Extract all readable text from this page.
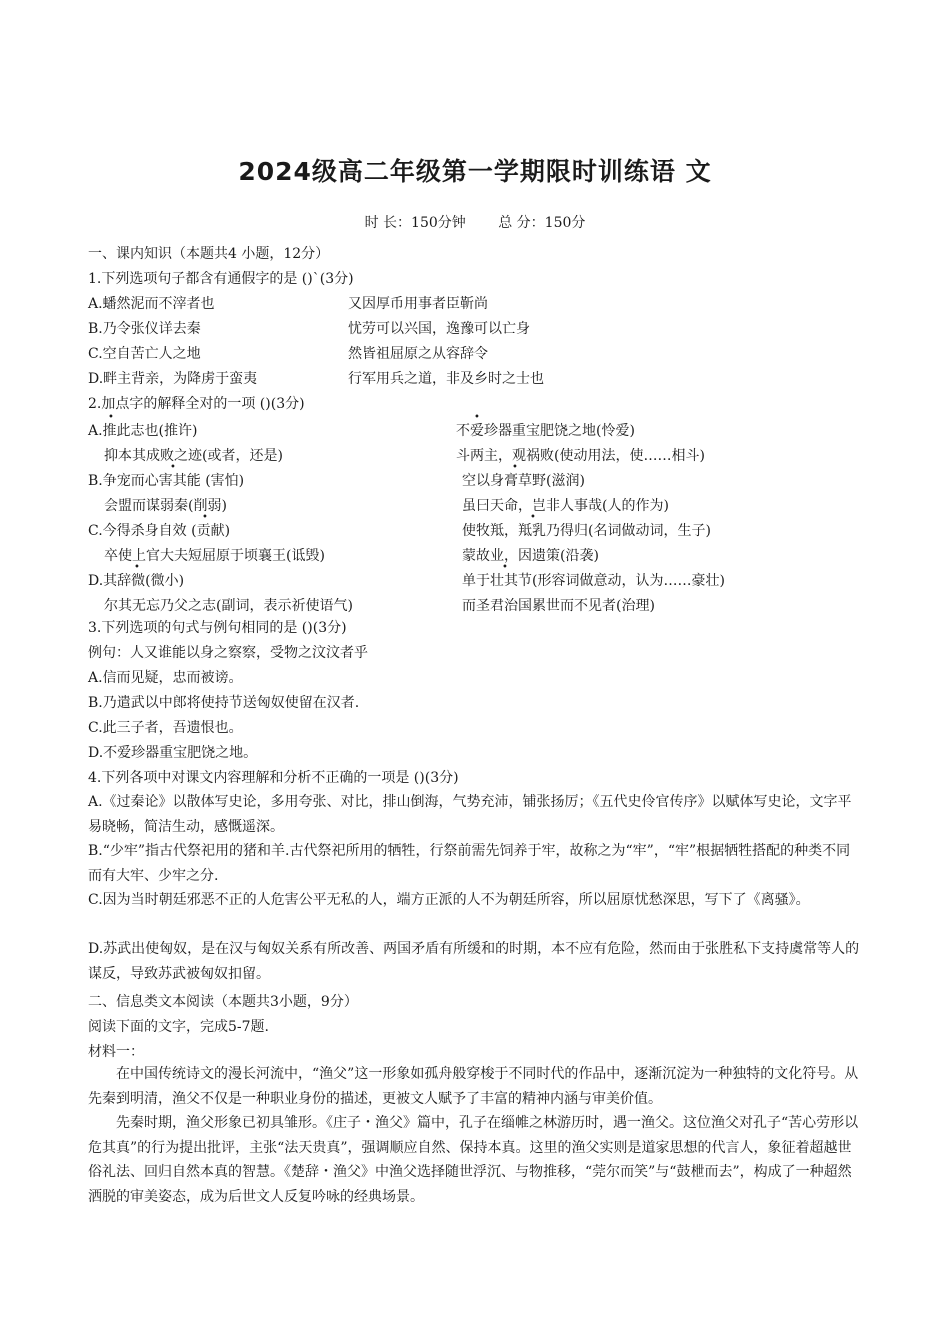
2024级高二年级第一学期限时训练语 文
时 长：150分钟 总 分：150分
一、课内知识（本题共4 小题，12分）
1.下列选项句子都含有通假字的是 ()`(3分)
A.蟠然泥而不滓者也	又因厚币用事者臣靳尚
B.乃令张仪详去秦	忧劳可以兴国，逸豫可以亡身
C.空自苦亡人之地	然皆祖屈原之从容辞令
D.畔主背亲，为降虏于蛮夷	行军用兵之道，非及乡时之士也
2.加点字的解释全对的一项 ()(3分)
A.推此志也(推许)	不爱珍器重宝肥饶之地(怜爱)
抑本其成败之迹(或者，还是)	斗两主，观祸败(使动用法，使……相斗)
B.争宠而心害其能 (害怕)	空以身膏草野(滋润)
会盟而谋弱秦(削弱)	虽曰天命，岂非人事哉(人的作为)
C.今得杀身自效 (贡献)	使牧羝，羝乳乃得归(名词做动词，生子)
卒使上官大夫短屈原于顷襄王(诋毁)	蒙故业，因遗策(沿袭)
D.其辞微(微小)	单于壮其节(形容词做意动，认为……豪壮)
尔其无忘乃父之志(副词，表示祈使语气)	而圣君治国累世而不见者(治理)
•	•
•	•
•	•
•	•
3.下列选项的句式与例句相同的是 ()(3分)
例句：人又谁能以身之察察，受物之汶汶者乎
A.信而见疑，忠而被谤。
B.乃遣武以中郎将使持节送匈奴使留在汉者.
C.此三子者，吾遗恨也。
D.不爱珍器重宝肥饶之地。
4.下列各项中对课文内容理解和分析不正确的一项是 ()(3分)
A.《过秦论》以散体写史论，多用夸张、对比，排山倒海，气势充沛，铺张扬厉；《五代史伶官传序》以赋体写史论，文字平易晓畅，简洁生动，感慨遥深。
B.“少牢”指古代祭祀用的猪和羊.古代祭祀所用的牺牲，行祭前需先饲养于牢，故称之为“牢”，“牢”根据牺牲搭配的种类不同而有大牢、少牢之分.
C.因为当时朝廷邪恶不正的人危害公平无私的人，端方正派的人不为朝廷所容，所以屈原忧愁深思，写下了《离骚》。
D.苏武出使匈奴，是在汉与匈奴关系有所改善、两国矛盾有所缓和的时期，本不应有危险，然而由于张胜私下支持虞常等人的谋反，导致苏武被匈奴扣留。
二、信息类文本阅读（本题共3小题，9分）
阅读下面的文字，完成5-7题.
材料一：
在中国传统诗文的漫长河流中，“渔父”这一形象如孤舟般穿梭于不同时代的作品中，逐渐沉淀为一种独特的文化符号。从先秦到明清，渔父不仅是一种职业身份的描述，更被文人赋予了丰富的精神内涵与审美价值。
先秦时期，渔父形象已初具雏形。《庄子・渔父》篇中，孔子在缁帷之林游历时，遇一渔父。这位渔父对孔子“苦心劳形以危其真”的行为提出批评，主张“法天贵真”，强调顺应自然、保持本真。这里的渔父实则是道家思想的代言人，象征着超越世俗礼法、回归自然本真的智慧。《楚辞・渔父》中渔父选择随世浮沉、与物推移，“莞尔而笑”与“鼓枻而去”，构成了一种超然洒脱的审美姿态，成为后世文人反复吟咏的经典场景。
